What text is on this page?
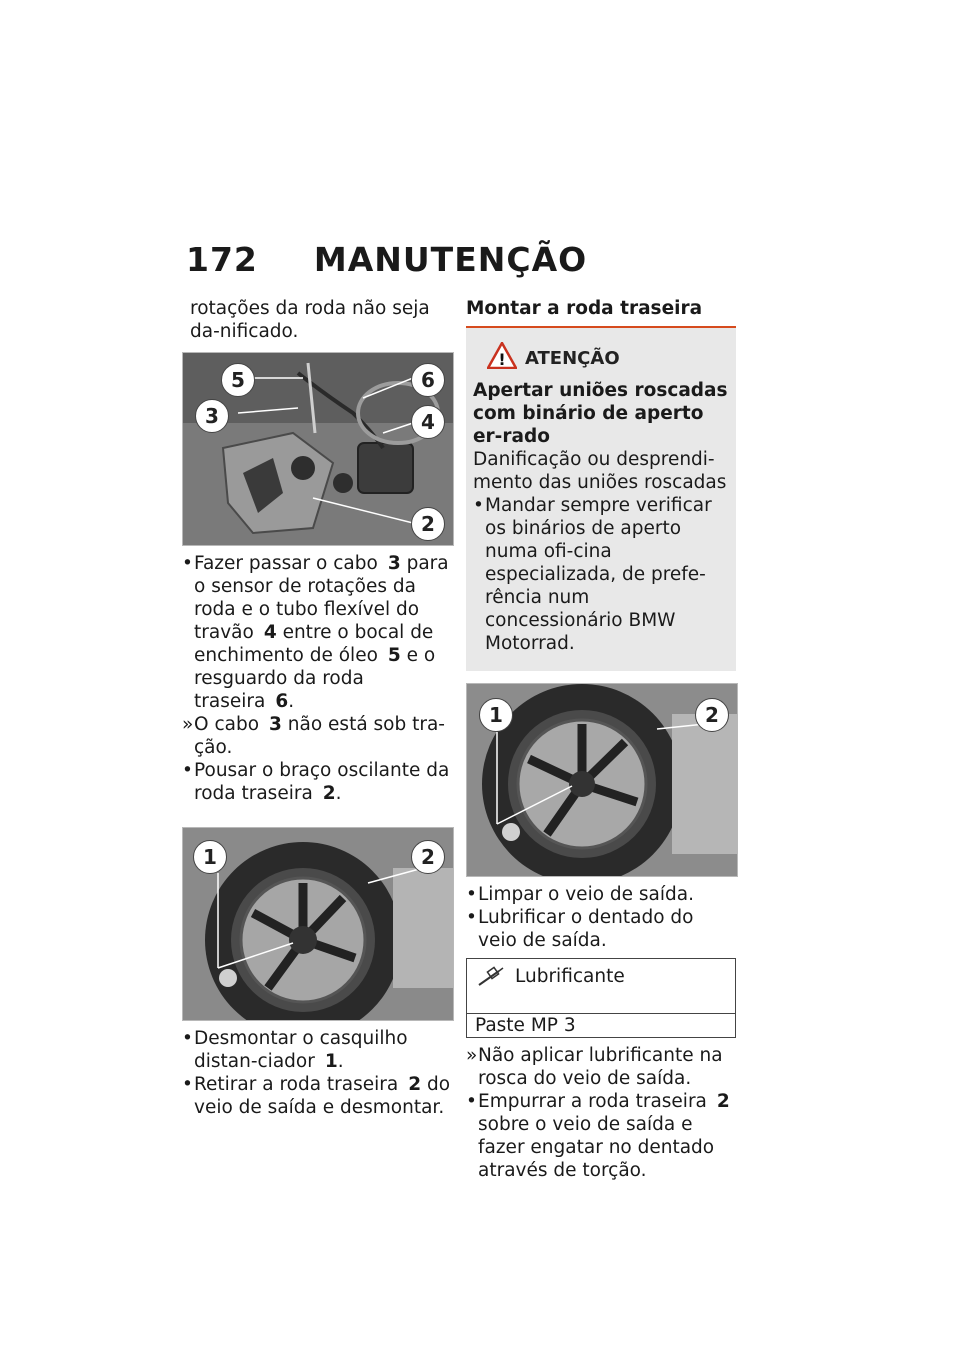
172 MANUTENÇÃO

rotações da roda não seja da-nificado.

5	6
3	4
2
• Fazer passar o cabo 3 para o sensor de rotações da roda e o tubo flexível do travão 4 entre o bocal de enchimento de óleo 5 e o resguardo da roda traseira 6.
» O cabo 3 não está sob tra-ção.
• Pousar o braço oscilante da roda traseira 2.
1	2
• Desmontar o casquilho distan-ciador 1.
• Retirar a roda traseira 2 do veio de saída e desmontar.

Montar a roda traseira

! ATENÇÃO
Apertar uniões roscadas com binário de aperto er-rado
Danificação ou desprendi-mento das uniões roscadas
• Mandar sempre verificar os binários de aperto numa ofi-cina especializada, de prefe-rência num concessionário BMW Motorrad.
1	2
• Limpar o veio de saída.
• Lubrificar o dentado do veio de saída.
Lubrificante
Paste MP 3
» Não aplicar lubrificante na rosca do veio de saída.
• Empurrar a roda traseira 2 sobre o veio de saída e fazer engatar no dentado através de torção.
